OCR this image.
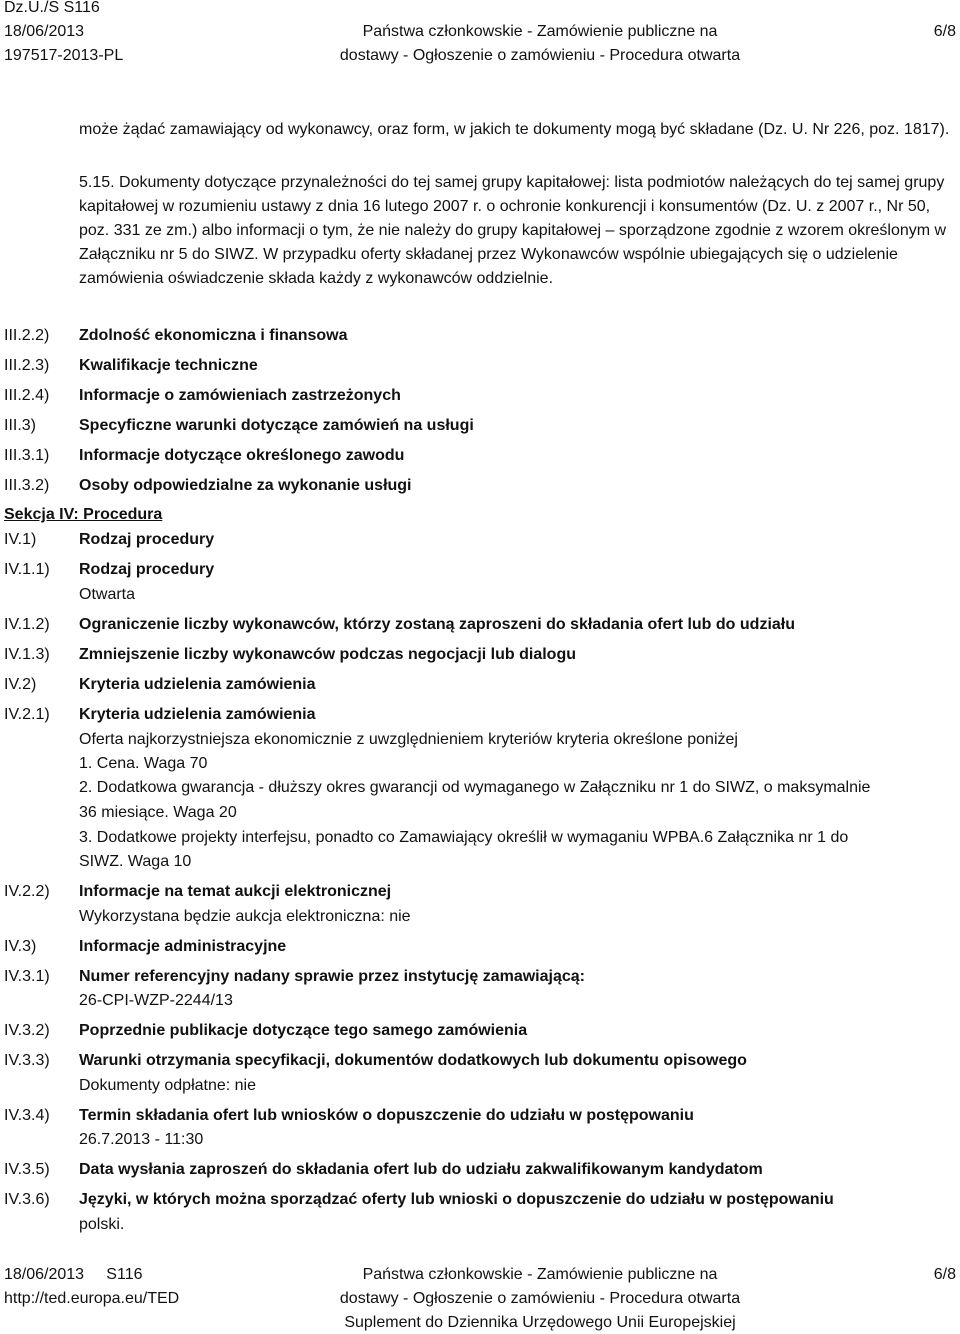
Dz.U./S S116
18/06/2013
197517-2013-PL
Państwa członkowskie - Zamówienie publiczne na
dostawy - Ogłoszenie o zamówieniu - Procedura otwarta
6/8
może żądać zamawiający od wykonawcy, oraz form, w jakich te dokumenty mogą być składane (Dz. U. Nr 226, poz. 1817).
5.15. Dokumenty dotyczące przynależności do tej samej grupy kapitałowej: lista podmiotów należących do tej samej grupy kapitałowej w rozumieniu ustawy z dnia 16 lutego 2007 r. o ochronie konkurencji i konsumentów (Dz. U. z 2007 r., Nr 50, poz. 331 ze zm.) albo informacji o tym, że nie należy do grupy kapitałowej – sporządzone zgodnie z wzorem określonym w Załączniku nr 5 do SIWZ. W przypadku oferty składanej przez Wykonawców wspólnie ubiegających się o udzielenie zamówienia oświadczenie składa każdy z wykonawców oddzielnie.
III.2.2) Zdolność ekonomiczna i finansowa
III.2.3) Kwalifikacje techniczne
III.2.4) Informacje o zamówieniach zastrzeżonych
III.3)	Specyficzne warunki dotyczące zamówień na usługi
III.3.1) Informacje dotyczące określonego zawodu
III.3.2) Osoby odpowiedzialne za wykonanie usługi
Sekcja IV: Procedura
IV.1)	Rodzaj procedury
IV.1.1) Rodzaj procedury
Otwarta
IV.1.2) Ograniczenie liczby wykonawców, którzy zostaną zaproszeni do składania ofert lub do udziału
IV.1.3) Zmniejszenie liczby wykonawców podczas negocjacji lub dialogu
IV.2)	Kryteria udzielenia zamówienia
IV.2.1) Kryteria udzielenia zamówienia
Oferta najkorzystniejsza ekonomicznie z uwzględnieniem kryteriów kryteria określone poniżej
1. Cena. Waga 70
2. Dodatkowa gwarancja - dłuższy okres gwarancji od wymaganego w Załączniku nr 1 do SIWZ, o maksymalnie
36 miesiące. Waga 20
3. Dodatkowe projekty interfejsu, ponadto co Zamawiający określił w wymaganiu WPBA.6 Załącznika nr 1 do
SIWZ. Waga 10
IV.2.2) Informacje na temat aukcji elektronicznej
Wykorzystana będzie aukcja elektroniczna: nie
IV.3)	Informacje administracyjne
IV.3.1) Numer referencyjny nadany sprawie przez instytucję zamawiającą:
26-CPI-WZP-2244/13
IV.3.2) Poprzednie publikacje dotyczące tego samego zamówienia
IV.3.3) Warunki otrzymania specyfikacji, dokumentów dodatkowych lub dokumentu opisowego
Dokumenty odpłatne: nie
IV.3.4) Termin składania ofert lub wniosków o dopuszczenie do udziału w postępowaniu
26.7.2013 - 11:30
IV.3.5) Data wysłania zaproszeń do składania ofert lub do udziału zakwalifikowanym kandydatom
IV.3.6) Języki, w których można sporządzać oferty lub wnioski o dopuszczenie do udziału w postępowaniu
polski.
18/06/2013     S116
http://ted.europa.eu/TED
Państwa członkowskie - Zamówienie publiczne na
dostawy - Ogłoszenie o zamówieniu - Procedura otwarta
Suplement do Dziennika Urzędowego Unii Europejskiej
6/8
